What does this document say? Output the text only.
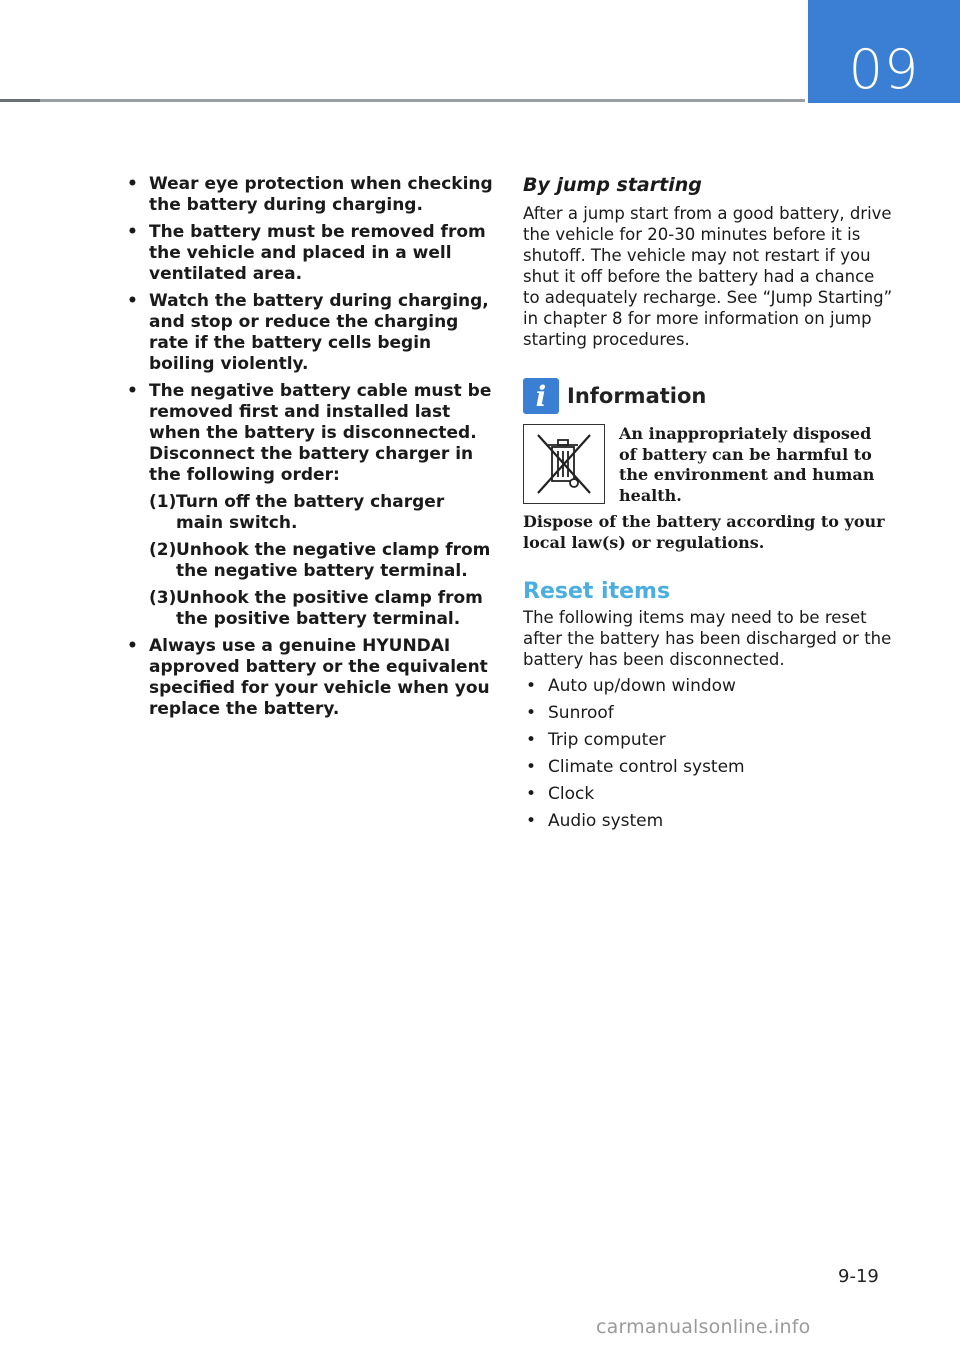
09
• Wear eye protection when checking the battery during charging.
• The battery must be removed from the vehicle and placed in a well ventilated area.
• Watch the battery during charging, and stop or reduce the charging rate if the battery cells begin boiling violently.
• The negative battery cable must be removed first and installed last when the battery is disconnected. Disconnect the battery charger in the following order:
(1) Turn off the battery charger main switch.
(2) Unhook the negative clamp from the negative battery terminal.
(3) Unhook the positive clamp from the positive battery terminal.
• Always use a genuine HYUNDAI approved battery or the equivalent specified for your vehicle when you replace the battery.
By jump starting

After a jump start from a good battery, drive the vehicle for 20-30 minutes before it is shutoff. The vehicle may not restart if you shut it off before the battery had a chance to adequately recharge. See “Jump Starting” in chapter 8 for more information on jump starting procedures.

i Information
An inappropriately disposed of battery can be harmful to the environment and human health.
Dispose of the battery according to your local law(s) or regulations.
Reset items

The following items may need to be reset after the battery has been discharged or the battery has been disconnected.

• Auto up/down window
• Sunroof
• Trip computer
• Climate control system
• Clock
• Audio system
9-19
carmanualsonline.info
